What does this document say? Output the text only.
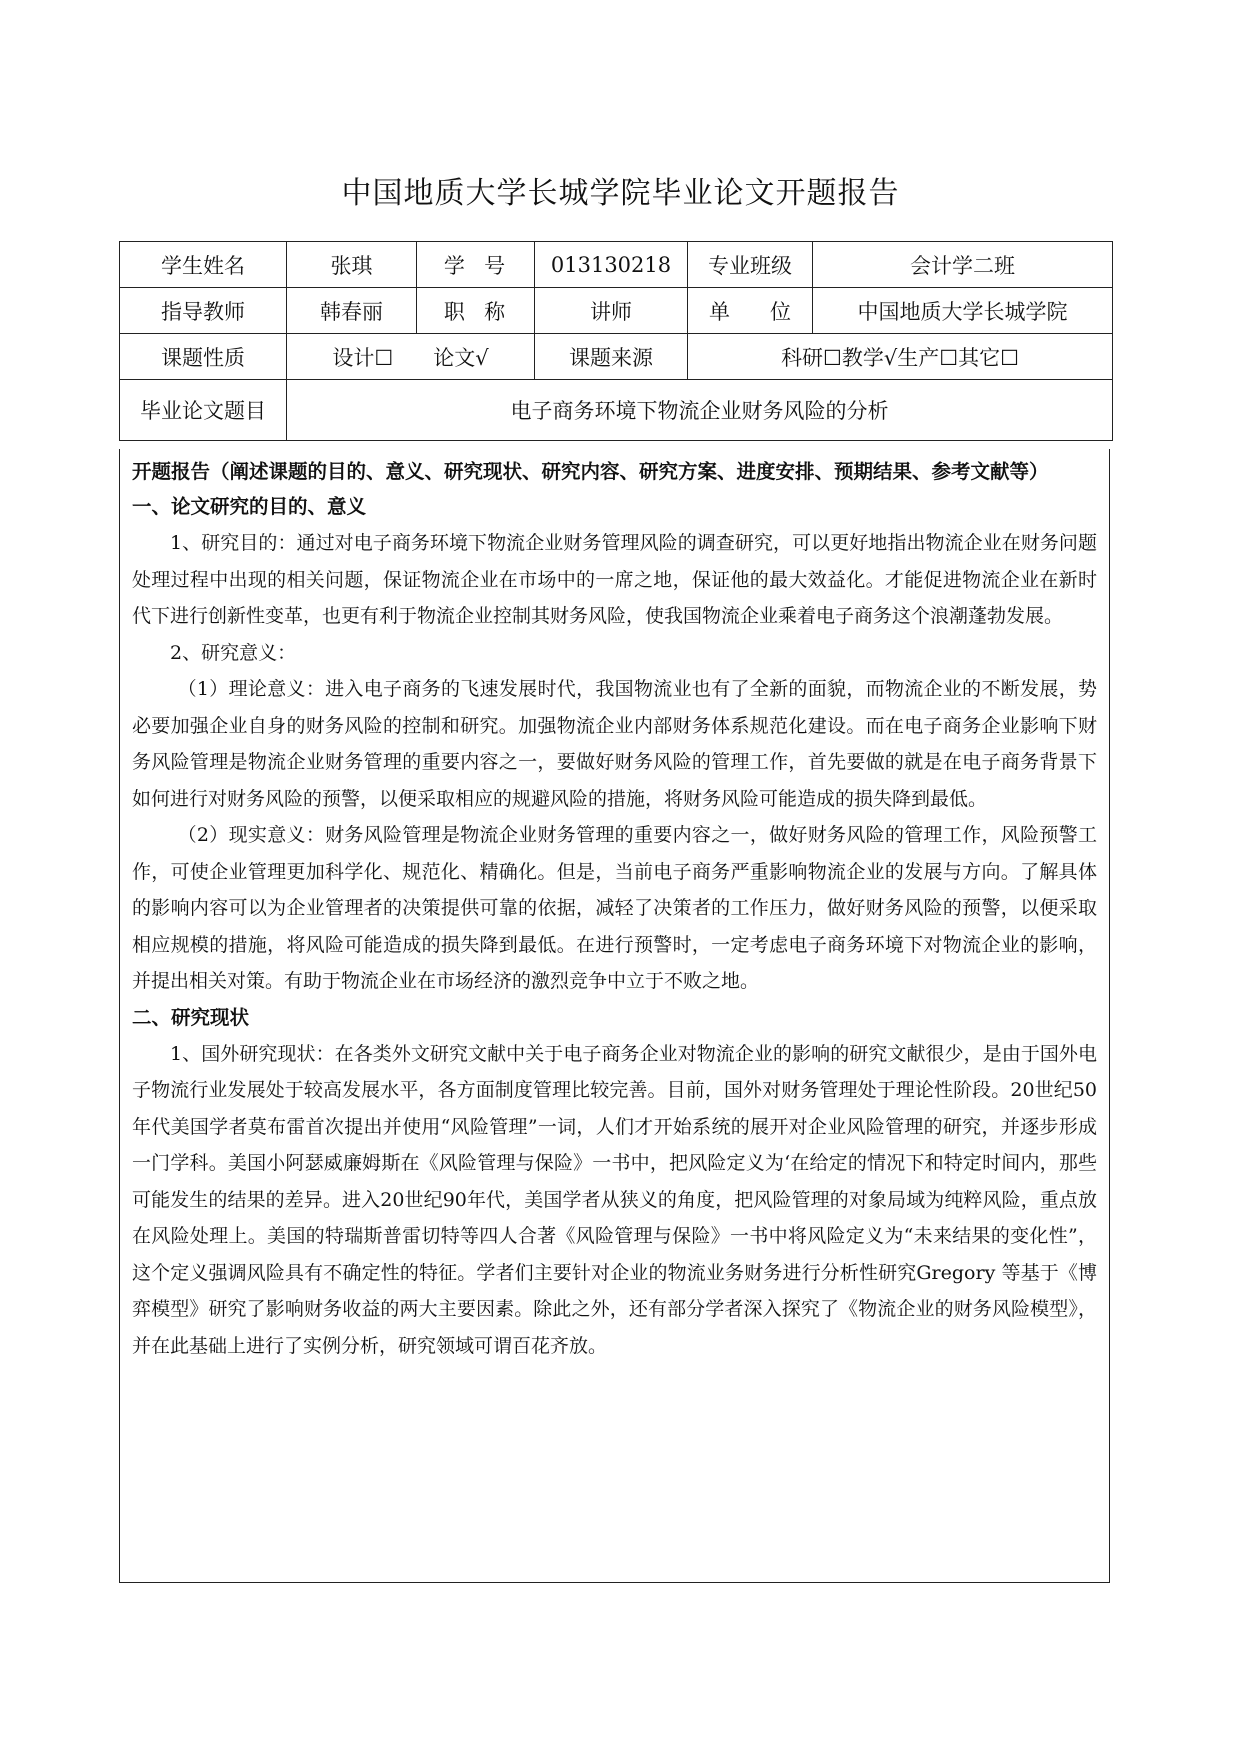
中国地质大学长城学院毕业论文开题报告
学生姓名	张琪	学  号	013130218	专业班级	会计学二班
指导教师	韩春丽	职  称	讲师	单      位	中国地质大学长城学院
课题性质	设计☐      论文√		课题来源	科研☐教学√生产☐其它☐	
毕业论文题目	电子商务环境下物流企业财务风险的分析				
开题报告（阐述课题的目的、意义、研究现状、研究内容、研究方案、进度安排、预期结果、参考文献等）
一、论文研究的目的、意义

1、研究目的：通过对电子商务环境下物流企业财务管理风险的调查研究，可以更好地指出物流企业在财务问题处理过程中出现的相关问题，保证物流企业在市场中的一席之地，保证他的最大效益化。才能促进物流企业在新时代下进行创新性变革，也更有利于物流企业控制其财务风险，使我国物流企业乘着电子商务这个浪潮蓬勃发展。

2、研究意义：

（1）理论意义：进入电子商务的飞速发展时代，我国物流业也有了全新的面貌，而物流企业的不断发展，势必要加强企业自身的财务风险的控制和研究。加强物流企业内部财务体系规范化建设。而在电子商务企业影响下财务风险管理是物流企业财务管理的重要内容之一，要做好财务风险的管理工作，首先要做的就是在电子商务背景下如何进行对财务风险的预警，以便采取相应的规避风险的措施，将财务风险可能造成的损失降到最低。

（2）现实意义：财务风险管理是物流企业财务管理的重要内容之一，做好财务风险的管理工作，风险预警工作，可使企业管理更加科学化、规范化、精确化。但是，当前电子商务严重影响物流企业的发展与方向。了解具体的影响内容可以为企业管理者的决策提供可靠的依据，减轻了决策者的工作压力，做好财务风险的预警，以便采取相应规模的措施，将风险可能造成的损失降到最低。在进行预警时，一定考虑电子商务环境下对物流企业的影响，并提出相关对策。有助于物流企业在市场经济的激烈竞争中立于不败之地。

二、研究现状

1、国外研究现状：在各类外文研究文献中关于电子商务企业对物流企业的影响的研究文献很少，是由于国外电子物流行业发展处于较高发展水平，各方面制度管理比较完善。目前，国外对财务管理处于理论性阶段。20世纪50年代美国学者莫布雷首次提出并使用“风险管理”一词，人们才开始系统的展开对企业风险管理的研究，并逐步形成一门学科。美国小阿瑟威廉姆斯在《风险管理与保险》一书中，把风险定义为‘在给定的情况下和特定时间内，那些可能发生的结果的差异。进入20世纪90年代，美国学者从狭义的角度，把风险管理的对象局域为纯粹风险，重点放在风险处理上。美国的特瑞斯普雷切特等四人合著《风险管理与保险》一书中将风险定义为“未来结果的变化性”，这个定义强调风险具有不确定性的特征。学者们主要针对企业的物流业务财务进行分析性研究Gregory 等基于《博弈模型》研究了影响财务收益的两大主要因素。除此之外，还有部分学者深入探究了《物流企业的财务风险模型》，并在此基础上进行了实例分析，研究领域可谓百花齐放。
